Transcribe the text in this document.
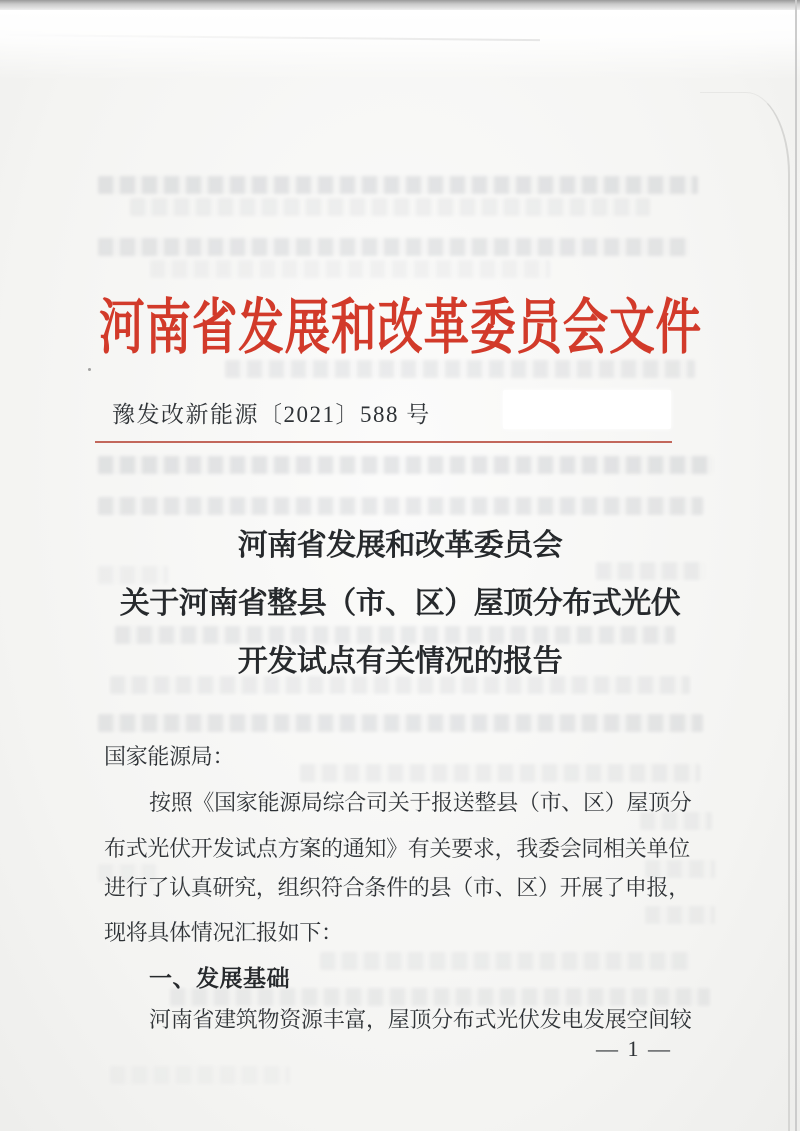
河南省发展和改革委员会文件
豫发改新能源〔2021〕588 号
河南省发展和改革委员会
关于河南省整县（市、区）屋顶分布式光伏
开发试点有关情况的报告
国家能源局：
按照《国家能源局综合司关于报送整县（市、区）屋顶分
布式光伏开发试点方案的通知》有关要求，我委会同相关单位
进行了认真研究，组织符合条件的县（市、区）开展了申报，
现将具体情况汇报如下：
一、发展基础
河南省建筑物资源丰富，屋顶分布式光伏发电发展空间较
— 1 —
